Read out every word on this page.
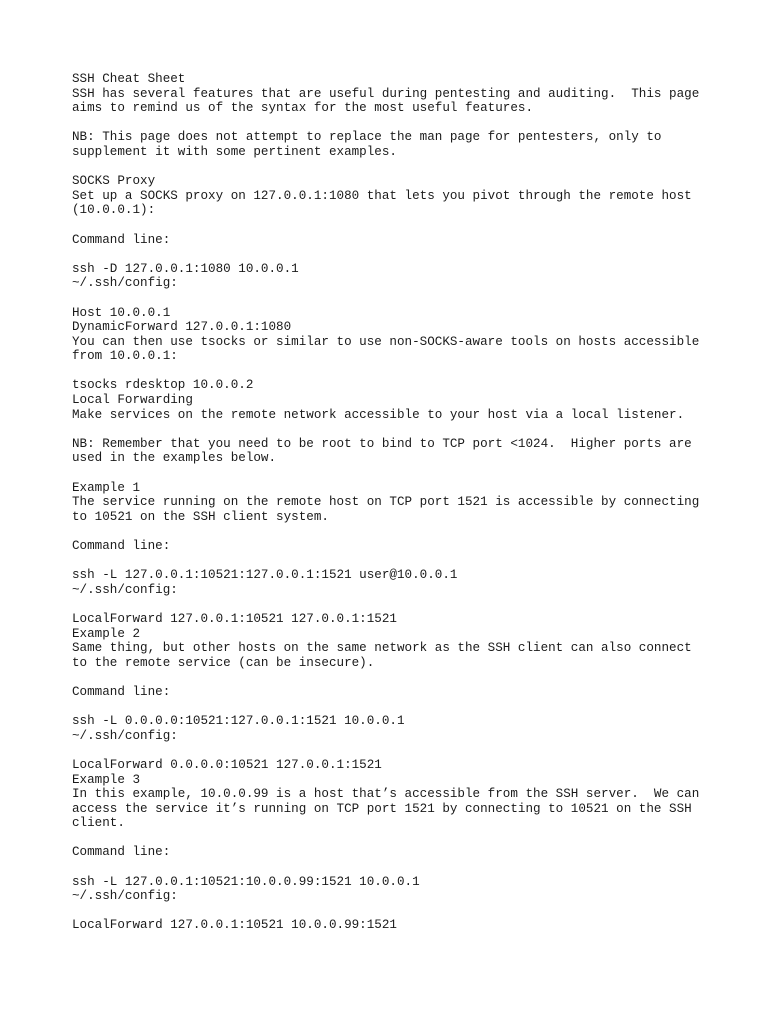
SSH Cheat Sheet
SSH has several features that are useful during pentesting and auditing.  This page
aims to remind us of the syntax for the most useful features.
NB: This page does not attempt to replace the man page for pentesters, only to
supplement it with some pertinent examples.
SOCKS Proxy
Set up a SOCKS proxy on 127.0.0.1:1080 that lets you pivot through the remote host
(10.0.0.1):
Command line:
ssh -D 127.0.0.1:1080 10.0.0.1
~/.ssh/config:
Host 10.0.0.1
DynamicForward 127.0.0.1:1080
You can then use tsocks or similar to use non-SOCKS-aware tools on hosts accessible
from 10.0.0.1:
tsocks rdesktop 10.0.0.2
Local Forwarding
Make services on the remote network accessible to your host via a local listener.
NB: Remember that you need to be root to bind to TCP port <1024.  Higher ports are
used in the examples below.
Example 1
The service running on the remote host on TCP port 1521 is accessible by connecting
to 10521 on the SSH client system.
Command line:
ssh -L 127.0.0.1:10521:127.0.0.1:1521 user@10.0.0.1
~/.ssh/config:
LocalForward 127.0.0.1:10521 127.0.0.1:1521
Example 2
Same thing, but other hosts on the same network as the SSH client can also connect
to the remote service (can be insecure).
Command line:
ssh -L 0.0.0.0:10521:127.0.0.1:1521 10.0.0.1
~/.ssh/config:
LocalForward 0.0.0.0:10521 127.0.0.1:1521
Example 3
In this example, 10.0.0.99 is a host that’s accessible from the SSH server.  We can
access the service it’s running on TCP port 1521 by connecting to 10521 on the SSH
client.
Command line:
ssh -L 127.0.0.1:10521:10.0.0.99:1521 10.0.0.1
~/.ssh/config:
LocalForward 127.0.0.1:10521 10.0.0.99:1521
